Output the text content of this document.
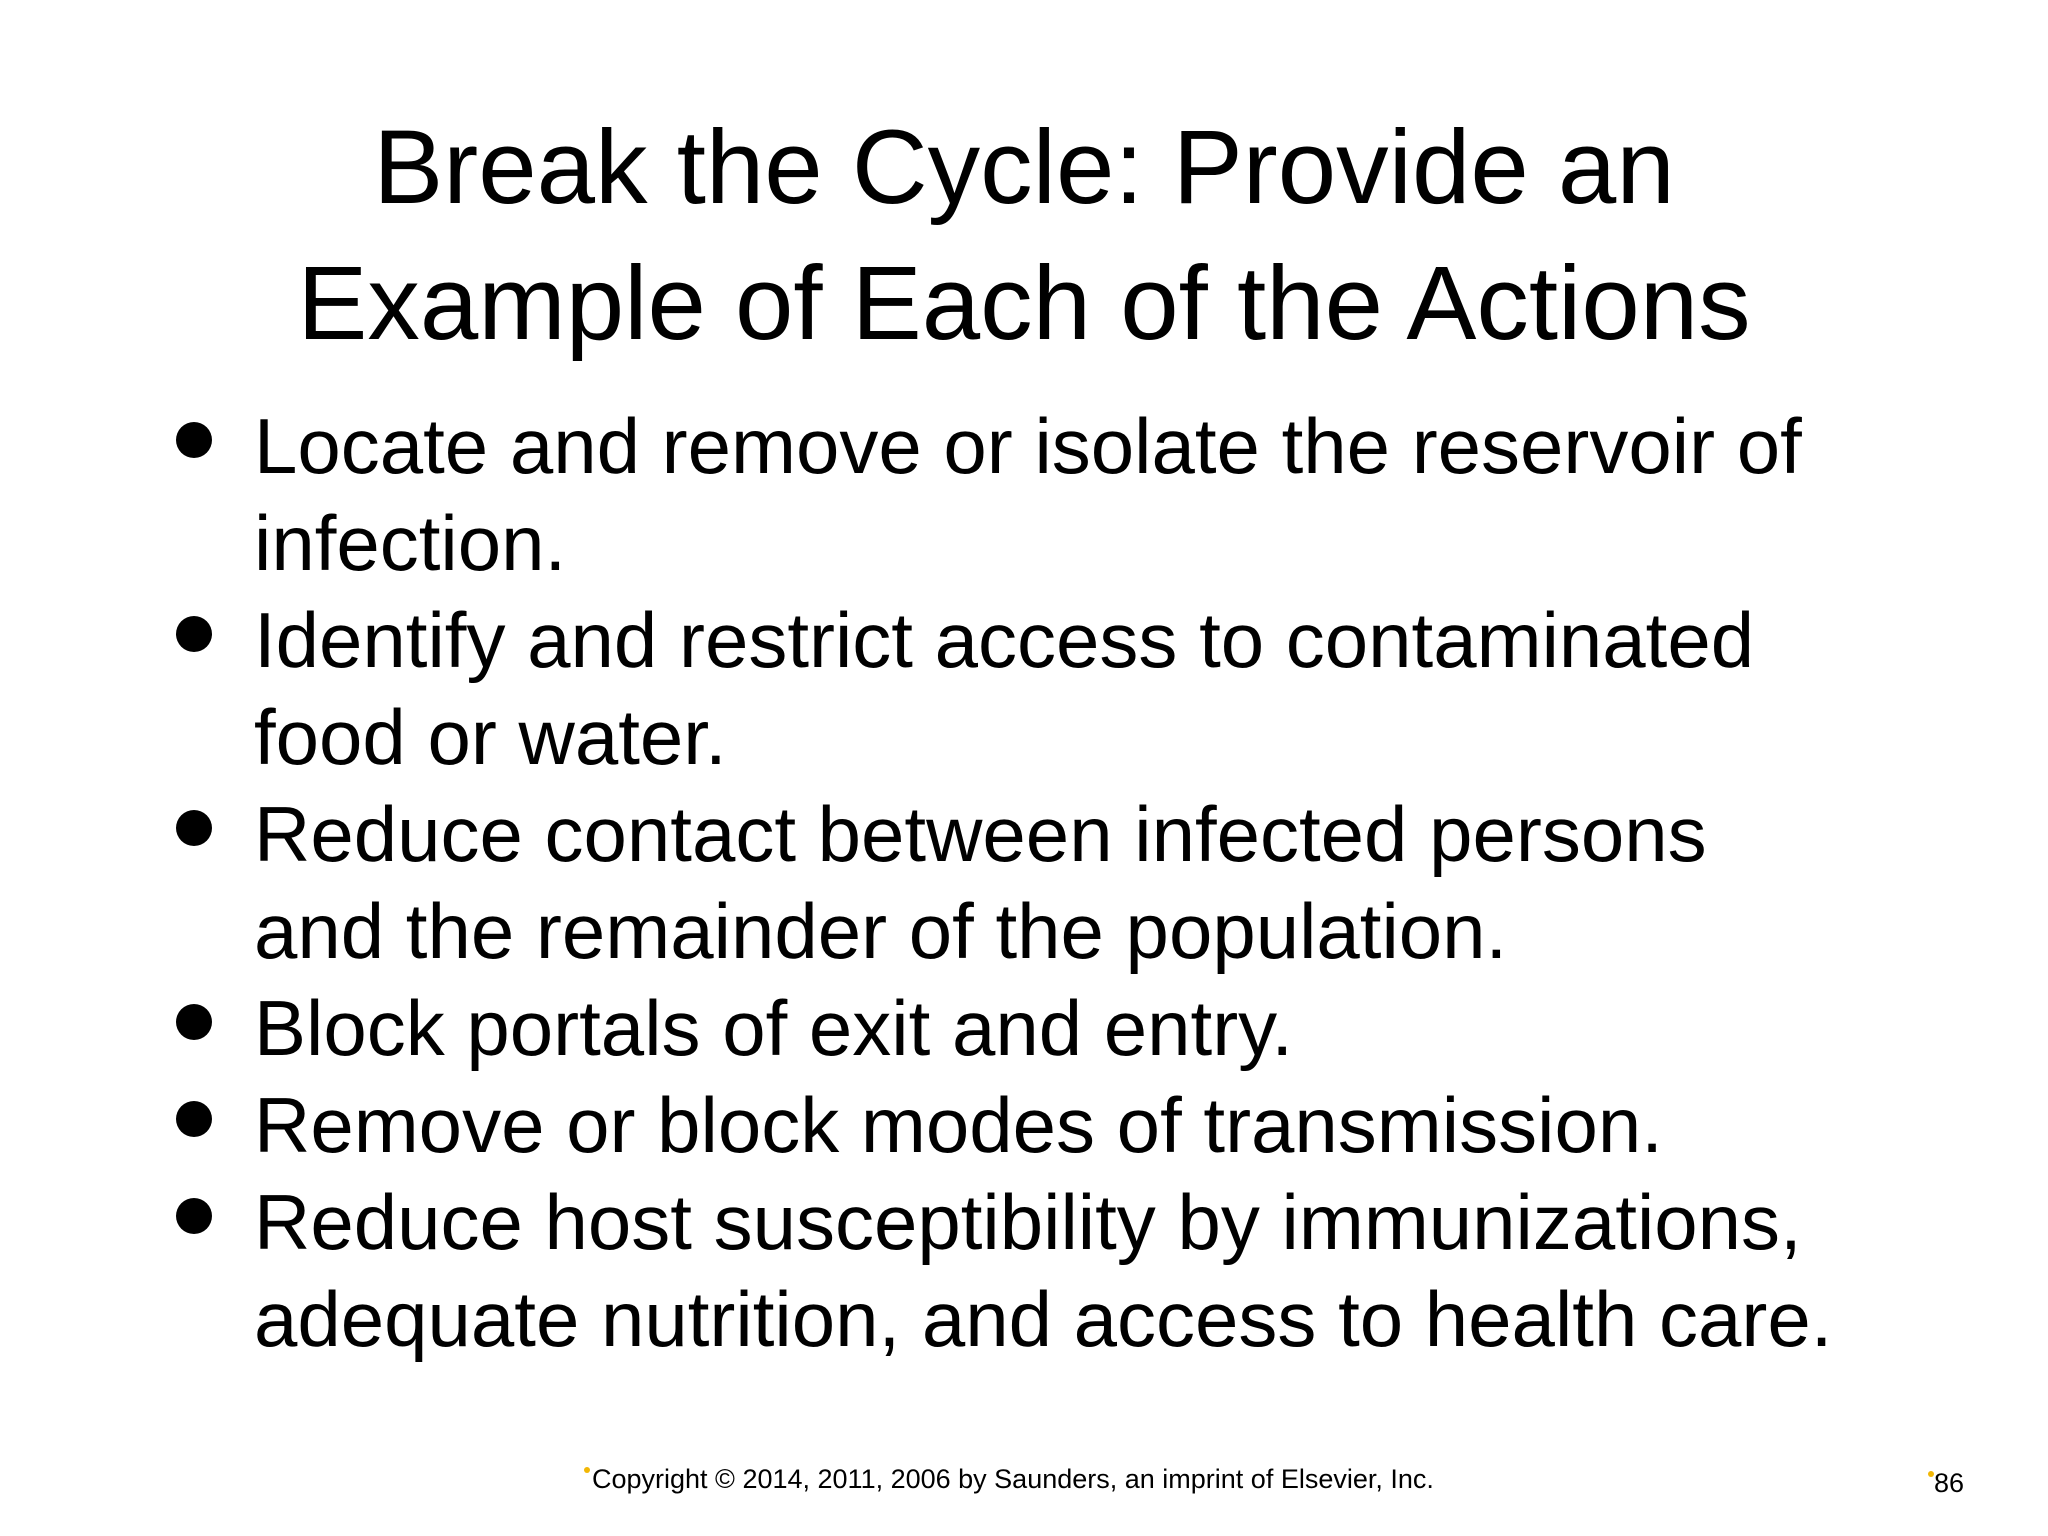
Break the Cycle: Provide an
Example of Each of the Actions
Locate and remove or isolate the reservoir of
infection.
Identify and restrict access to contaminated
food or water.
Reduce contact between infected persons
and the remainder of the population.
Block portals of exit and entry.
Remove or block modes of transmission.
Reduce host susceptibility by immunizations,
adequate nutrition, and access to health care.
Copyright © 2014, 2011, 2006 by Saunders, an imprint of Elsevier, Inc.	86
